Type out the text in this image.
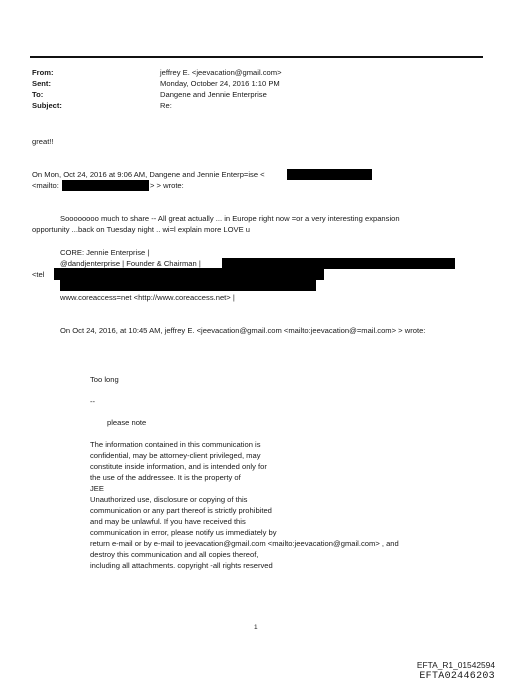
From:	jeffrey E. <jeevacation@gmail.com>
Sent:	Monday, October 24, 2016 1:10 PM
To:	Dangene and Jennie Enterprise
Subject:	Re:
great!!
On Mon, Oct 24, 2016 at 9:06 AM, Dangene and Jennie Enterp=ise <
<mailto:	> > wrote:
Soooooooo much to share -- All great actually ... in Europe right now =or a very interesting expansion
opportunity ...back on Tuesday night .. wi=l explain more LOVE u
CORE: Jennie Enterprise |
@dandjenterprise | Founder & Chairman |
<tel
www.coreaccess=net <http://www.coreaccess.net> |
On Oct 24, 2016, at 10:45 AM, jeffrey E. <jeevacation@gmail.com <mailto:jeevacation@=mail.com> > wrote:
Too long
--
please note
The information contained in this communication is
confidential, may be attorney-client privileged, may
constitute inside information, and is intended only for
the use of the addressee. It is the property of
JEE
Unauthorized use, disclosure or copying of this
communication or any part thereof is strictly prohibited
and may be unlawful. If you have received this
communication in error, please notify us immediately by
return e-mail or by e-mail to jeevacation@gmail.com <mailto:jeevacation@gmail.com> , and
destroy this communication and all copies thereof,
including all attachments. copyright -all rights reserved
1
EFTA_R1_01542594
EFTA02446203
